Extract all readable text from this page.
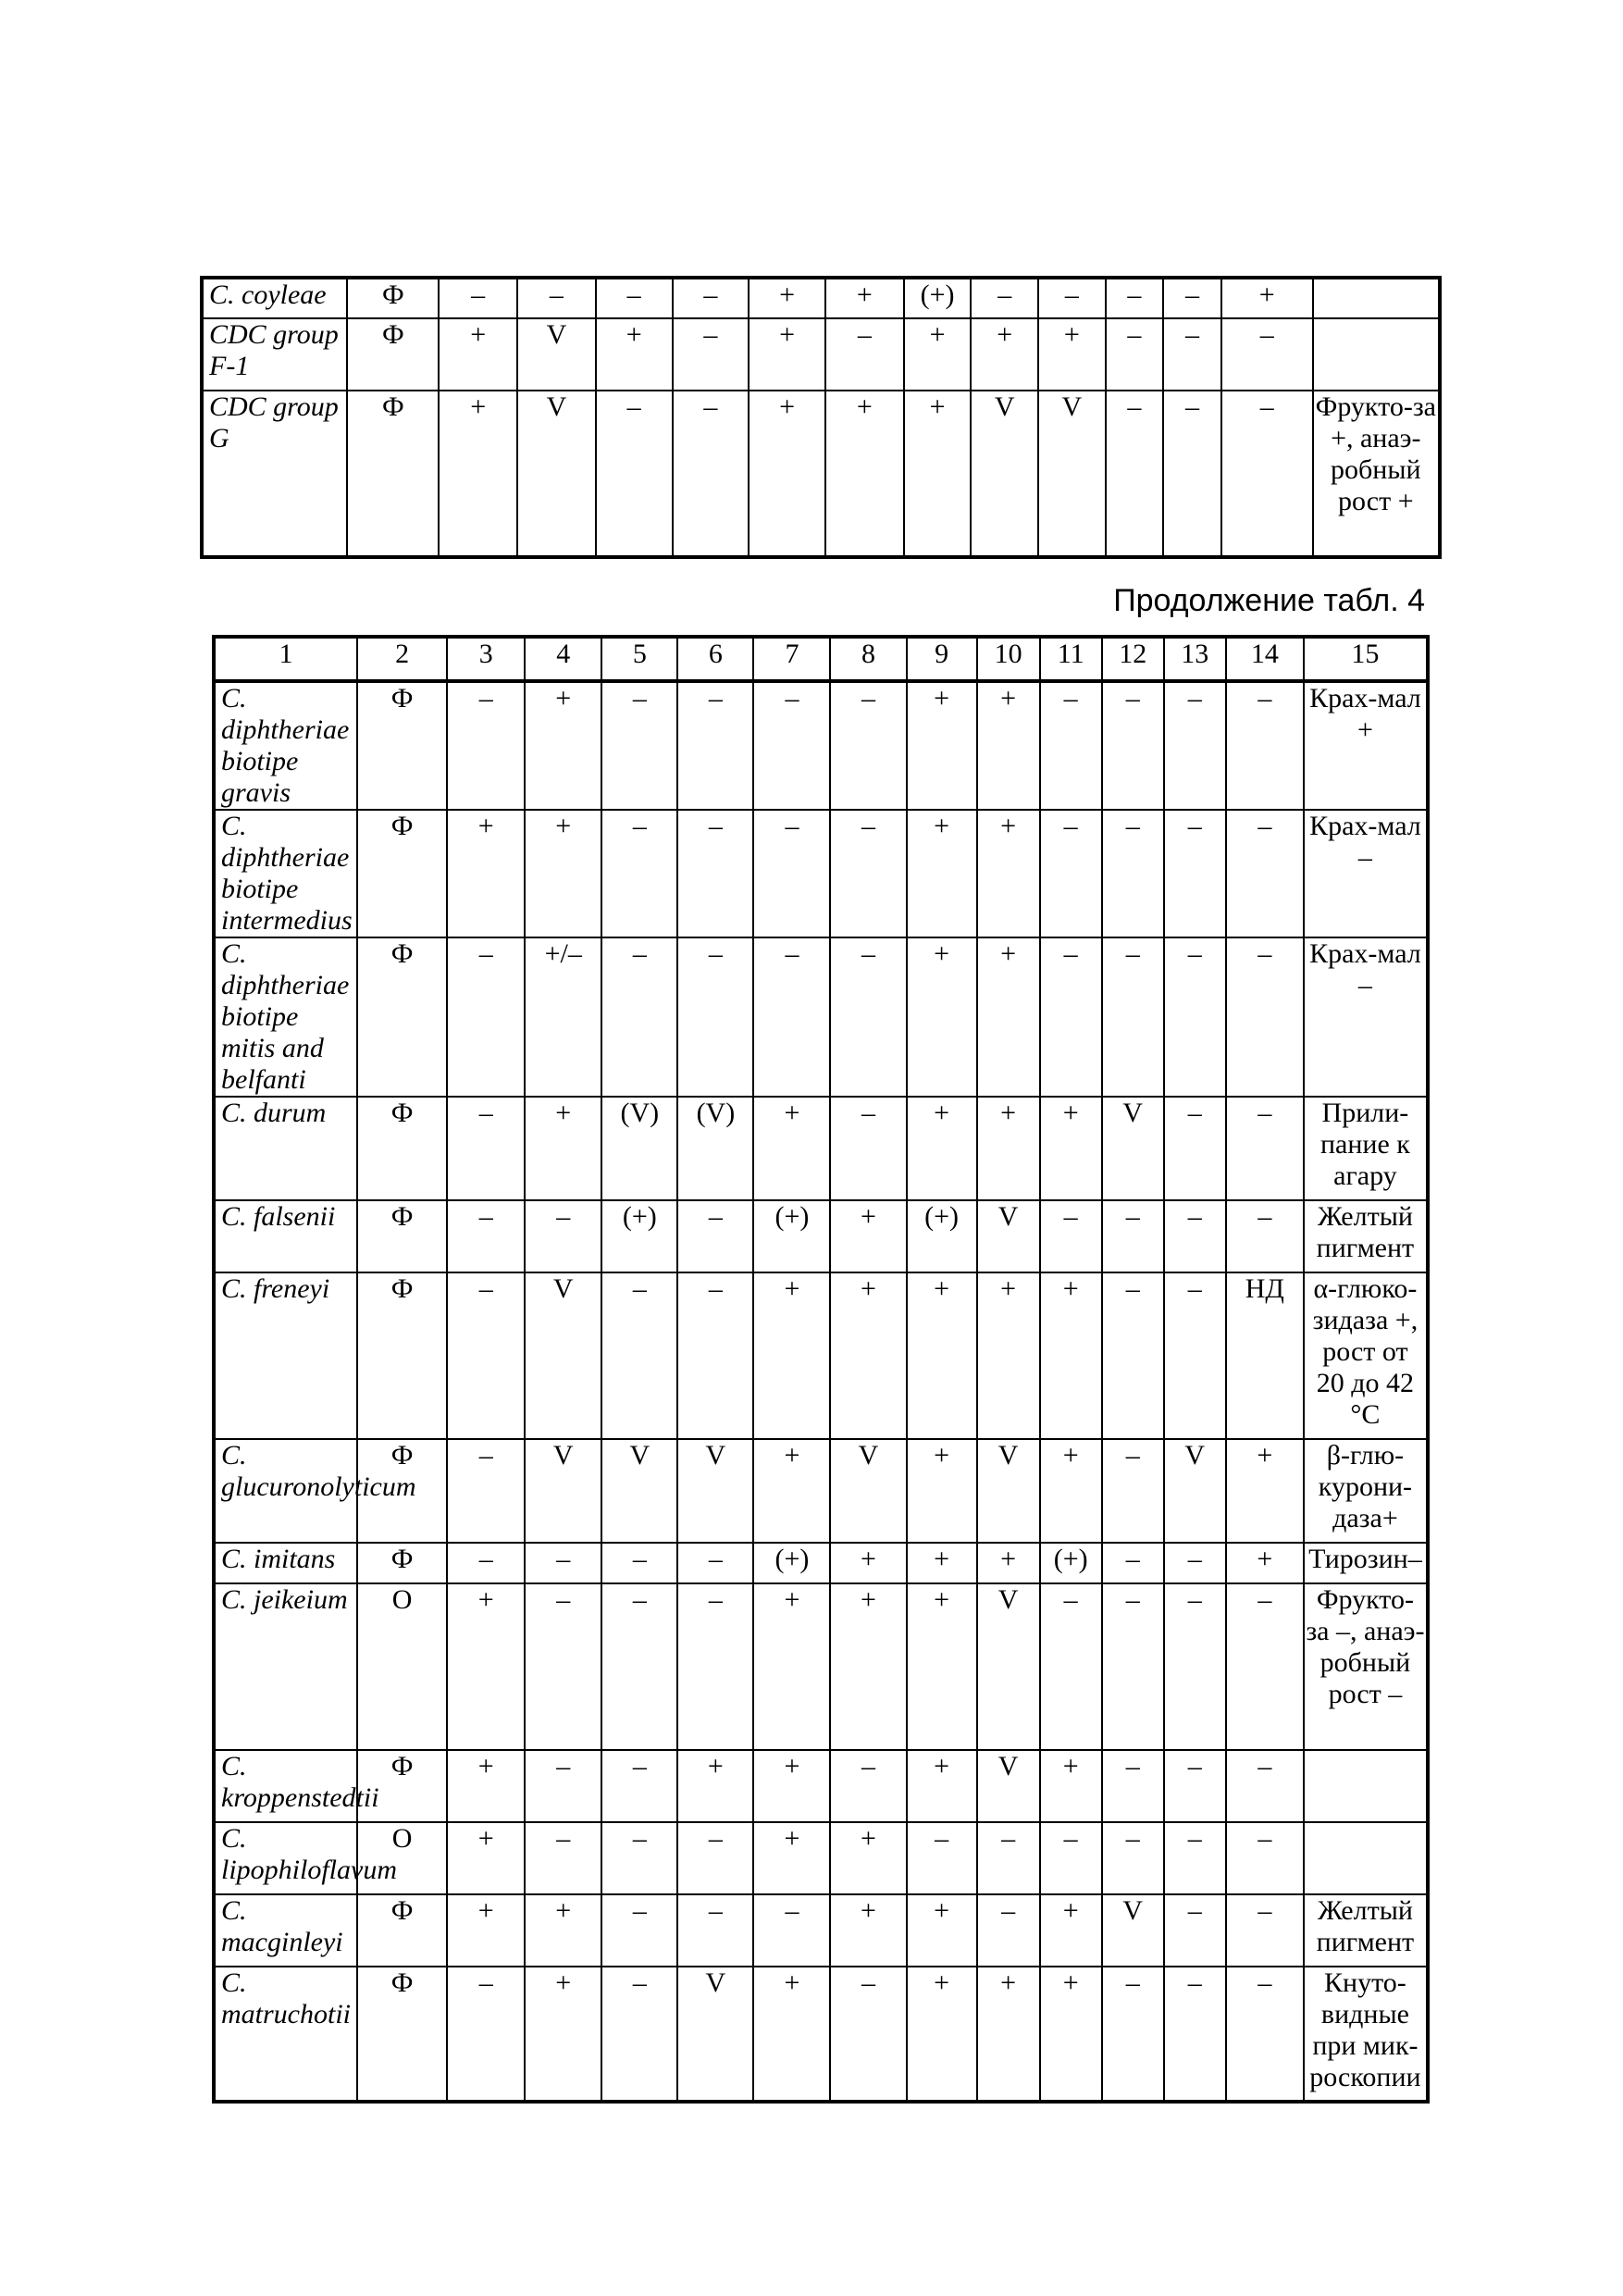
C. coyleae	Ф	–	–	–	–	+	+	(+)	–	–	–	–	+	
CDC group F-1	Ф	+	V	+	–	+	–	+	+	+	–	–	–	
CDC group G	Ф	+	V	–	–	+	+	+	V	V	–	–	–	Фрукто-за +, анаэ-робный рост +
Продолжение табл. 4
1	2	3	4	5	6	7	8	9	10	11	12	13	14	15
C. diphtheriae biotipe gravis	Ф	–	+	–	–	–	–	+	+	–	–	–	–	Крах-мал +
C. diphtheriae biotipe intermedius	Ф	+	+	–	–	–	–	+	+	–	–	–	–	Крах-мал –
C. diphtheriae biotipe mitis and belfanti	Ф	–	+/–	–	–	–	–	+	+	–	–	–	–	Крах-мал –
C. durum	Ф	–	+	(V)	(V)	+	–	+	+	+	V	–	–	Прили-пание к агару
C. falsenii	Ф	–	–	(+)	–	(+)	+	(+)	V	–	–	–	–	Желтый пигмент
C. freneyi	Ф	–	V	–	–	+	+	+	+	+	–	–	НД	α-глюко-зидаза +, рост от 20 до 42 °С
C. glucuronolyticum	Ф	–	V	V	V	+	V	+	V	+	–	V	+	β-глю-курони-даза+
C. imitans	Ф	–	–	–	–	(+)	+	+	+	(+)	–	–	+	Тирозин–
C. jeikeium	О	+	–	–	–	+	+	+	V	–	–	–	–	Фрукто-за –, анаэ-робный рост –
C. kroppenstedtii	Ф	+	–	–	+	+	–	+	V	+	–	–	–	
C. lipophiloflavum	О	+	–	–	–	+	+	–	–	–	–	–	–	
C. macginleyi	Ф	+	+	–	–	–	+	+	–	+	V	–	–	Желтый пигмент
C. matruchotii	Ф	–	+	–	V	+	–	+	+	+	–	–	–	Кнуто-видные при мик-роскопии
